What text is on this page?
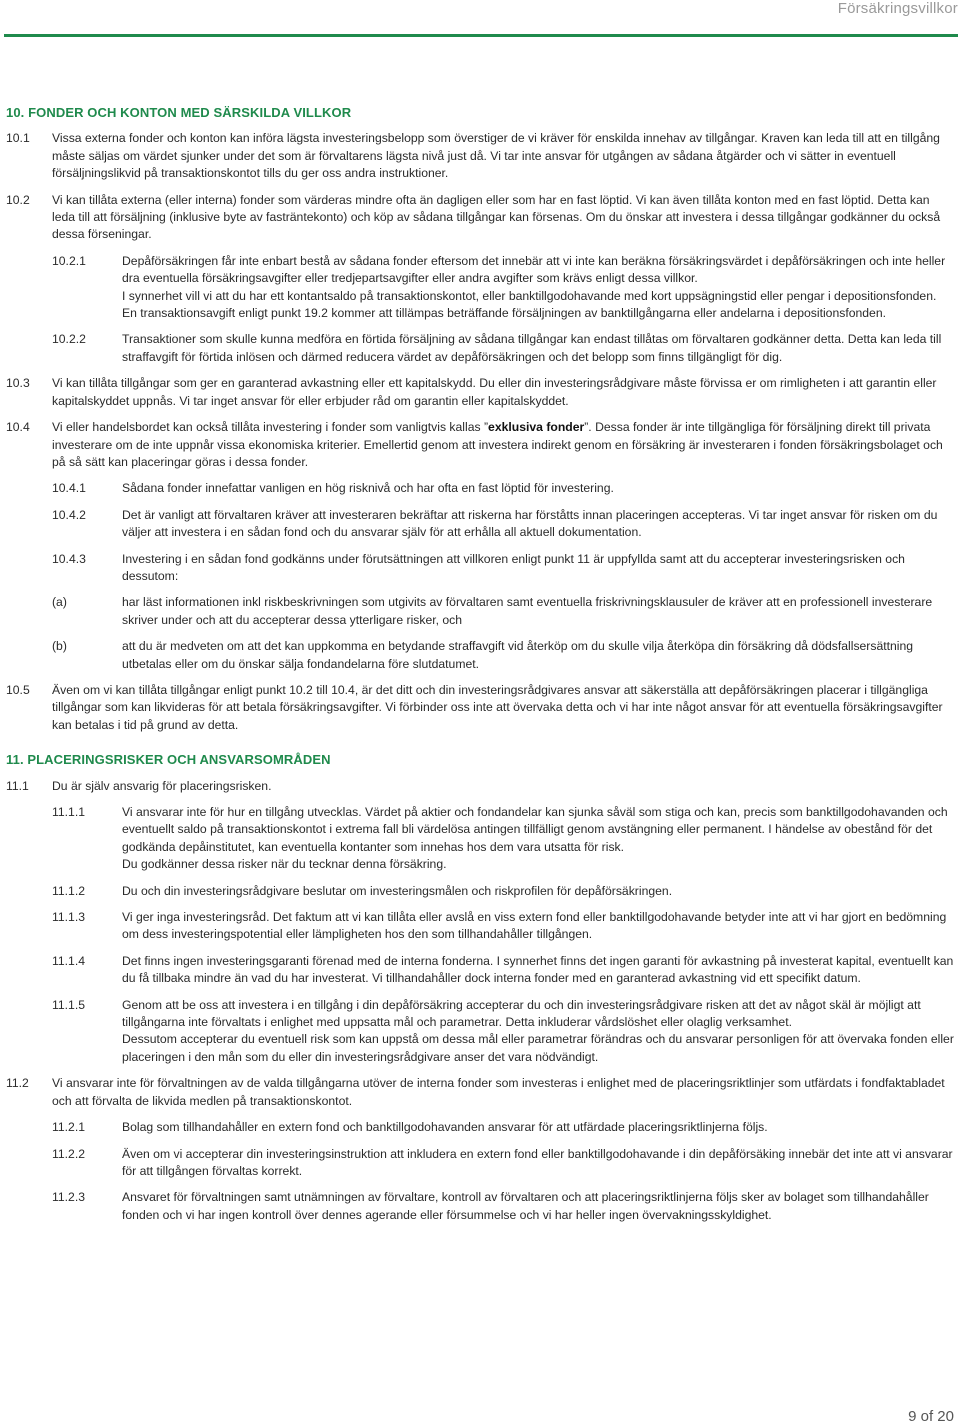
Försäkringsvillkor
10. FONDER OCH KONTON MED SÄRSKILDA VILLKOR
10.1	Vissa externa fonder och konton kan införa lägsta investeringsbelopp som överstiger de vi kräver för enskilda innehav av tillgångar. Kraven kan leda till att en tillgång måste säljas om värdet sjunker under det som är förvaltarens lägsta nivå just då. Vi tar inte ansvar för utgången av sådana åtgärder och vi sätter in eventuell försäljningslikvid på transaktionskontot tills du ger oss andra instruktioner.
10.2	Vi kan tillåta externa (eller interna) fonder som värderas mindre ofta än dagligen eller som har en fast löptid. Vi kan även tillåta konton med en fast löptid. Detta kan leda till att försäljning (inklusive byte av fasträntekonto) och köp av sådana tillgångar kan försenas. Om du önskar att investera i dessa tillgångar godkänner du också dessa förseningar.
10.2.1	Depåförsäkringen får inte enbart bestå av sådana fonder eftersom det innebär att vi inte kan beräkna försäkringsvärdet i depåförsäkringen och inte heller dra eventuella försäkringsavgifter eller tredjepartsavgifter eller andra avgifter som krävs enligt dessa villkor.

I synnerhet vill vi att du har ett kontantsaldo på transaktionskontot, eller banktillgodohavande med kort uppsägningstid eller pengar i depositionsfonden. En transaktionsavgift enligt punkt 19.2 kommer att tillämpas beträffande försäljningen av banktillgångarna eller andelarna i depositionsfonden.

10.2.2	Transaktioner som skulle kunna medföra en förtida försäljning av sådana tillgångar kan endast tillåtas om förvaltaren godkänner detta. Detta kan leda till straffavgift för förtida inlösen och därmed reducera värdet av depåförsäkringen och det belopp som finns tillgängligt för dig.
10.3	Vi kan tillåta tillgångar som ger en garanterad avkastning eller ett kapitalskydd. Du eller din investeringsrådgivare måste förvissa er om rimligheten i att garantin eller kapitalskyddet uppnås. Vi tar inget ansvar för eller erbjuder råd om garantin eller kapitalskyddet.
10.4	Vi eller handelsbordet kan också tillåta investering i fonder som vanligtvis kallas ”exklusiva fonder”. Dessa fonder är inte tillgängliga för försäljning direkt till privata investerare om de inte uppnår vissa ekonomiska kriterier. Emellertid genom att investera indirekt genom en försäkring är investeraren i fonden försäkringsbolaget och på så sätt kan placeringar göras i dessa fonder.
10.4.1	Sådana fonder innefattar vanligen en hög risknivå och har ofta en fast löptid för investering.
10.4.2	Det är vanligt att förvaltaren kräver att investeraren bekräftar att riskerna har förståtts innan placeringen accepteras. Vi tar inget ansvar för risken om du väljer att investera i en sådan fond och du ansvarar själv för att erhålla all aktuell dokumentation.
10.4.3	Investering i en sådan fond godkänns under förutsättningen att villkoren enligt punkt 11 är uppfyllda samt att du accepterar investeringsrisken och dessutom:
(a)	har läst informationen inkl riskbeskrivningen som utgivits av förvaltaren samt eventuella friskrivningsklausuler de kräver att en professionell investerare skriver under och att du accepterar dessa ytterligare risker, och
(b)	att du är medveten om att det kan uppkomma en betydande straffavgift vid återköp om du skulle vilja återköpa din försäkring då dödsfallsersättning utbetalas eller om du önskar sälja fondandelarna före slutdatumet.
10.5	Även om vi kan tillåta tillgångar enligt punkt 10.2 till 10.4, är det ditt och din investeringsrådgivares ansvar att säkerställa att depåförsäkringen placerar i tillgängliga tillgångar som kan likvideras för att betala försäkringsavgifter. Vi förbinder oss inte att övervaka detta och vi har inte något ansvar för att eventuella försäkringsavgifter kan betalas i tid på grund av detta.
11. PLACERINGSRISKER OCH ANSVARSOMRÅDEN
11.1	Du är själv ansvarig för placeringsrisken.
11.1.1	Vi ansvarar inte för hur en tillgång utvecklas. Värdet på aktier och fondandelar kan sjunka såväl som stiga och kan, precis som banktillgodohavanden och eventuellt saldo på transaktionskontot i extrema fall bli värdelösa antingen tillfälligt genom avstängning eller permanent. I händelse av obestånd för det godkända depåinstitutet, kan eventuella kontanter som innehas hos dem vara utsatta för risk.

Du godkänner dessa risker när du tecknar denna försäkring.

11.1.2	Du och din investeringsrådgivare beslutar om investeringsmålen och riskprofilen för depåförsäkringen.
11.1.3	Vi ger inga investeringsråd. Det faktum att vi kan tillåta eller avslå en viss extern fond eller banktillgodohavande betyder inte att vi har gjort en bedömning om dess investeringspotential eller lämpligheten hos den som tillhandahåller tillgången.
11.1.4	Det finns ingen investeringsgaranti förenad med de interna fonderna. I synnerhet finns det ingen garanti för avkastning på investerat kapital, eventuellt kan du få tillbaka mindre än vad du har investerat. Vi tillhandahåller dock interna fonder med en garanterad avkastning vid ett specifikt datum.
11.1.5	Genom att be oss att investera i en tillgång i din depåförsäkring accepterar du och din investeringsrådgivare risken att det av något skäl är möjligt att tillgångarna inte förvaltats i enlighet med uppsatta mål och parametrar. Detta inkluderar vårdslöshet eller olaglig verksamhet.

Dessutom accepterar du eventuell risk som kan uppstå om dessa mål eller parametrar förändras och du ansvarar personligen för att övervaka fonden eller placeringen i den mån som du eller din investeringsrådgivare anser det vara nödvändigt.

11.2	Vi ansvarar inte för förvaltningen av de valda tillgångarna utöver de interna fonder som investeras i enlighet med de placeringsriktlinjer som utfärdats i fondfaktabladet och att förvalta de likvida medlen på transaktionskontot.
11.2.1	Bolag som tillhandahåller en extern fond och banktillgodohavanden ansvarar för att utfärdade placeringsriktlinjerna följs.
11.2.2	Även om vi accepterar din investeringsinstruktion att inkludera en extern fond eller banktillgodohavande i din depåförsäking innebär det inte att vi ansvarar för att tillgången förvaltas korrekt.
11.2.3	Ansvaret för förvaltningen samt utnämningen av förvaltare, kontroll av förvaltaren och att placeringsriktlinjerna följs sker av bolaget som tillhandahåller fonden och vi har ingen kontroll över dennes agerande eller försummelse och vi har heller ingen övervakningsskyldighet.
9 of 20
